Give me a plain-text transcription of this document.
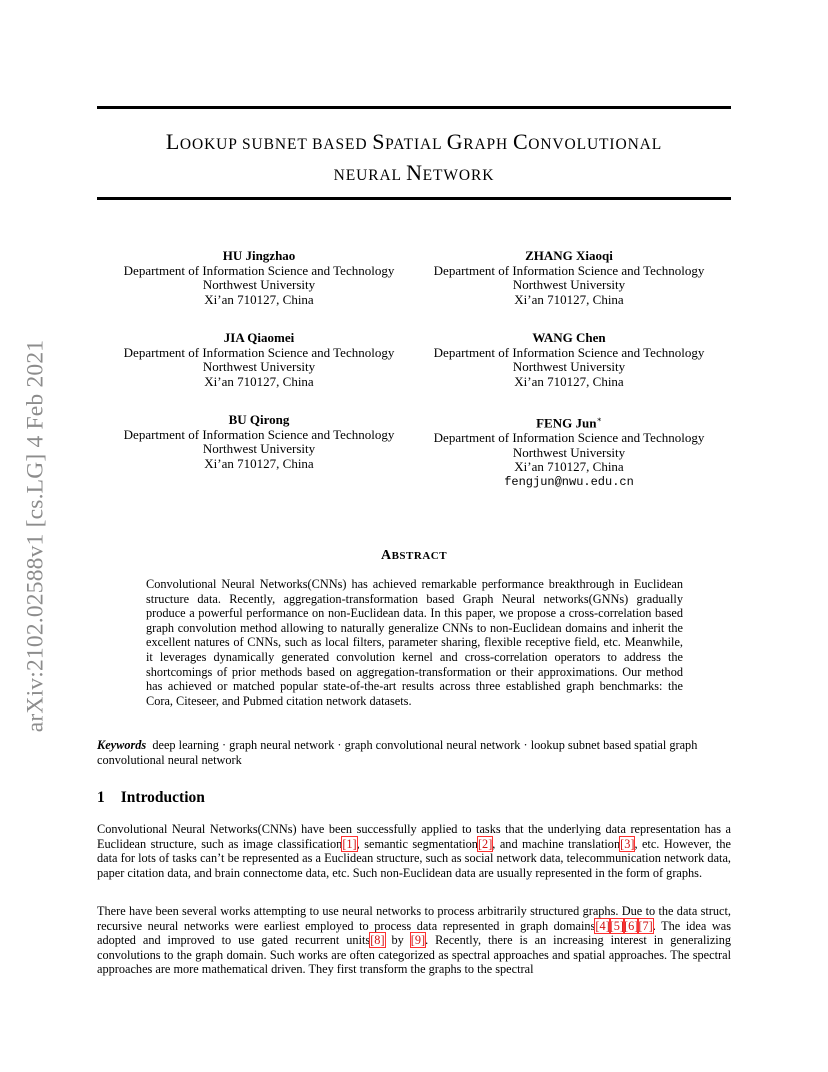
arXiv:2102.02588v1 [cs.LG] 4 Feb 2021
LOOKUP SUBNET BASED SPATIAL GRAPH CONVOLUTIONAL
NEURAL NETWORK
HU Jingzhao
Department of Information Science and Technology
Northwest University
Xi’an 710127, China
ZHANG Xiaoqi
Department of Information Science and Technology
Northwest University
Xi’an 710127, China
JIA Qiaomei
Department of Information Science and Technology
Northwest University
Xi’an 710127, China
WANG Chen
Department of Information Science and Technology
Northwest University
Xi’an 710127, China
BU Qirong
Department of Information Science and Technology
Northwest University
Xi’an 710127, China
FENG Jun∗
Department of Information Science and Technology
Northwest University
Xi’an 710127, China
fengjun@nwu.edu.cn
ABSTRACT

Convolutional Neural Networks(CNNs) has achieved remarkable performance breakthrough in Euclidean structure data. Recently, aggregation-transformation based Graph Neural networks(GNNs) gradually produce a powerful performance on non-Euclidean data. In this paper, we propose a cross-correlation based graph convolution method allowing to naturally generalize CNNs to non-Euclidean domains and inherit the excellent natures of CNNs, such as local filters, parameter sharing, flexible receptive field, etc. Meanwhile, it leverages dynamically generated convolution kernel and cross-correlation operators to address the shortcomings of prior methods based on aggregation-transformation or their approximations. Our method has achieved or matched popular state-of-the-art results across three established graph benchmarks: the Cora, Citeseer, and Pubmed citation network datasets.

Keywords deep learning · graph neural network · graph convolutional neural network · lookup subnet based spatial graph convolutional neural network

1 Introduction

Convolutional Neural Networks(CNNs) have been successfully applied to tasks that the underlying data representation has a Euclidean structure, such as image classification[1], semantic segmentation[2], and machine translation[3], etc. However, the data for lots of tasks can’t be represented as a Euclidean structure, such as social network data, telecommunication network data, paper citation data, and brain connectome data, etc. Such non-Euclidean data are usually represented in the form of graphs.

There have been several works attempting to use neural networks to process arbitrarily structured graphs. Due to the data struct, recursive neural networks were earliest employed to process data represented in graph domains[4][5][6][7]. The idea was adopted and improved to use gated recurrent units[8] by [9]. Recently, there is an increasing interest in generalizing convolutions to the graph domain. Such works are often categorized as spectral approaches and spatial approaches. The spectral approaches are more mathematical driven. They first transform the graphs to the spectral
